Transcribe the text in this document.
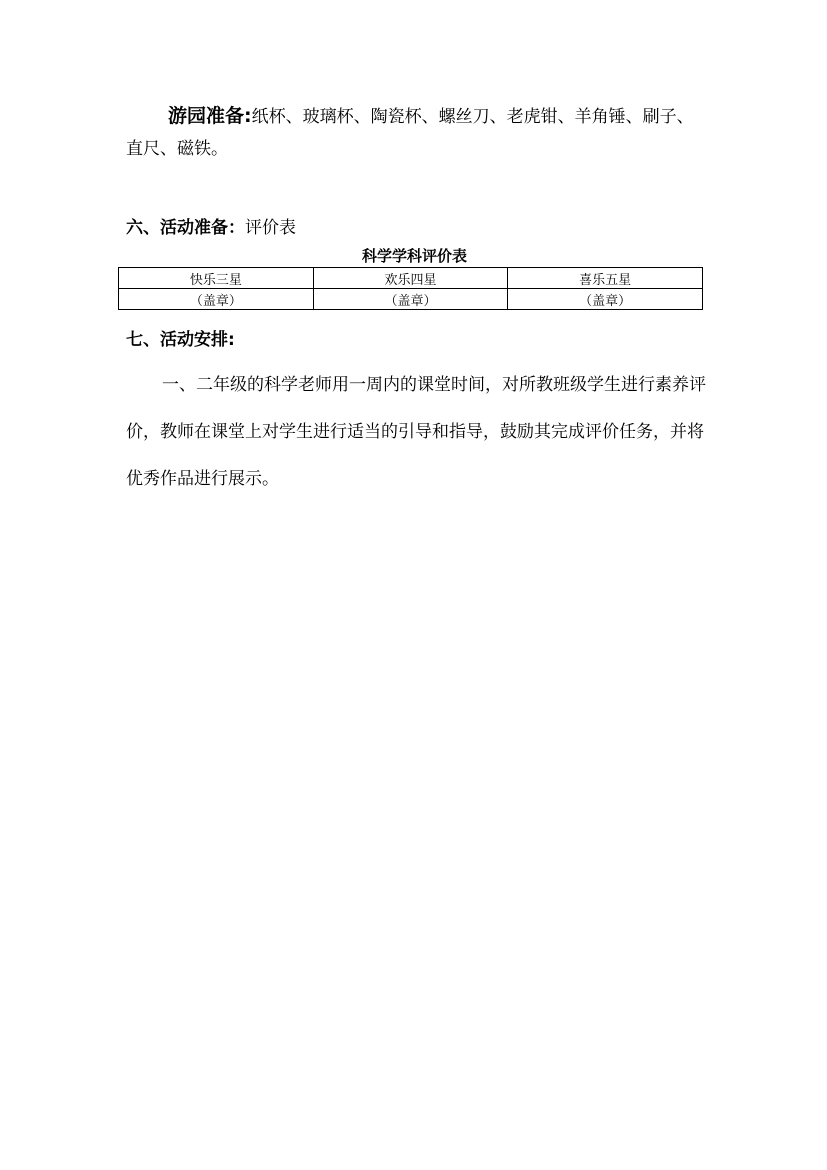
游园准备:纸杯、玻璃杯、陶瓷杯、螺丝刀、老虎钳、羊角锤、刷子、直尺、磁铁。
六、活动准备：评价表
科学学科评价表
快乐三星	欢乐四星	喜乐五星
（盖章）	（盖章）	（盖章）
七、活动安排:
一、二年级的科学老师用一周内的课堂时间，对所教班级学生进行素养评价，教师在课堂上对学生进行适当的引导和指导，鼓励其完成评价任务，并将优秀作品进行展示。
